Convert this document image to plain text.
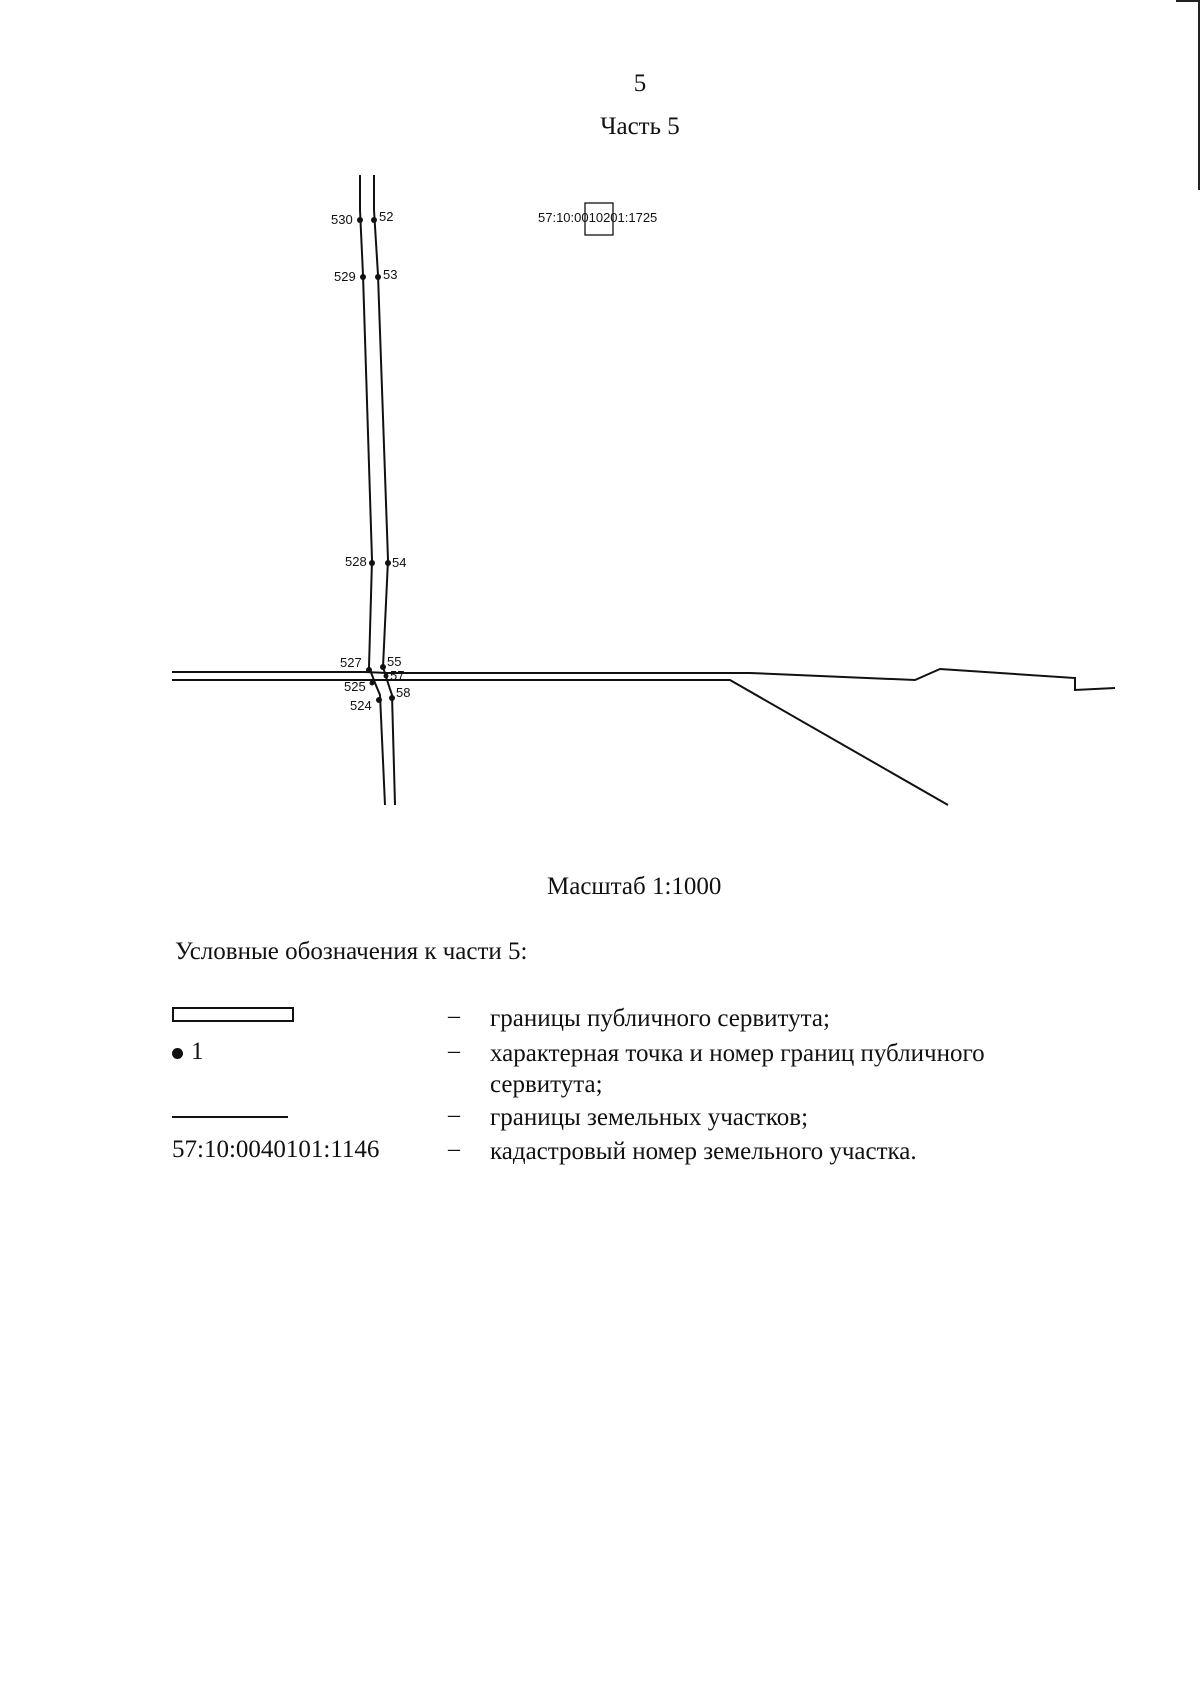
5
Часть 5
57:10:0010201:1725
530 52
529 53
528 54
527 55
57
525
524
58
Масштаб 1:1000
Условные обозначения к части 5:
– границы публичного сервитута;
1	– характерная точка и номер границ публичного сервитута;
– границы земельных участков;
57:10:0040101:1146	– кадастровый номер земельного участка.
